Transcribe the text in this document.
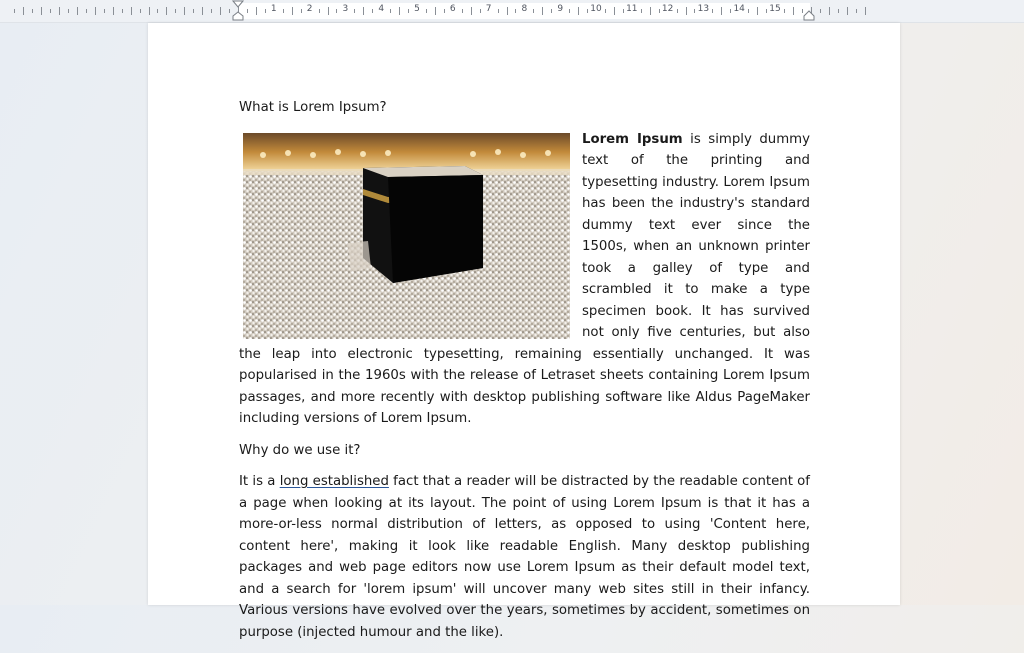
1	2	3	4	5	6	7	8	9	10	11	12	13	14	15

What is Lorem Ipsum?

Lorem Ipsum is simply dummy text of the printing and typesetting industry. Lorem Ipsum has been the industry's standard dummy text ever since the 1500s, when an unknown printer took a galley of type and scrambled it to make a type specimen book. It has survived not only five centuries, but also the leap into electronic typesetting, remaining essentially unchanged. It was popularised in the 1960s with the release of Letraset sheets containing Lorem Ipsum passages, and more recently with desktop publishing software like Aldus PageMaker including versions of Lorem Ipsum.

Why do we use it?

It is a long established fact that a reader will be distracted by the readable content of a page when looking at its layout. The point of using Lorem Ipsum is that it has a more-or-less normal distribution of letters, as opposed to using 'Content here, content here', making it look like readable English. Many desktop publishing packages and web page editors now use Lorem Ipsum as their default model text, and a search for 'lorem ipsum' will uncover many web sites still in their infancy. Various versions have evolved over the years, sometimes by accident, sometimes on purpose (injected humour and the like).
